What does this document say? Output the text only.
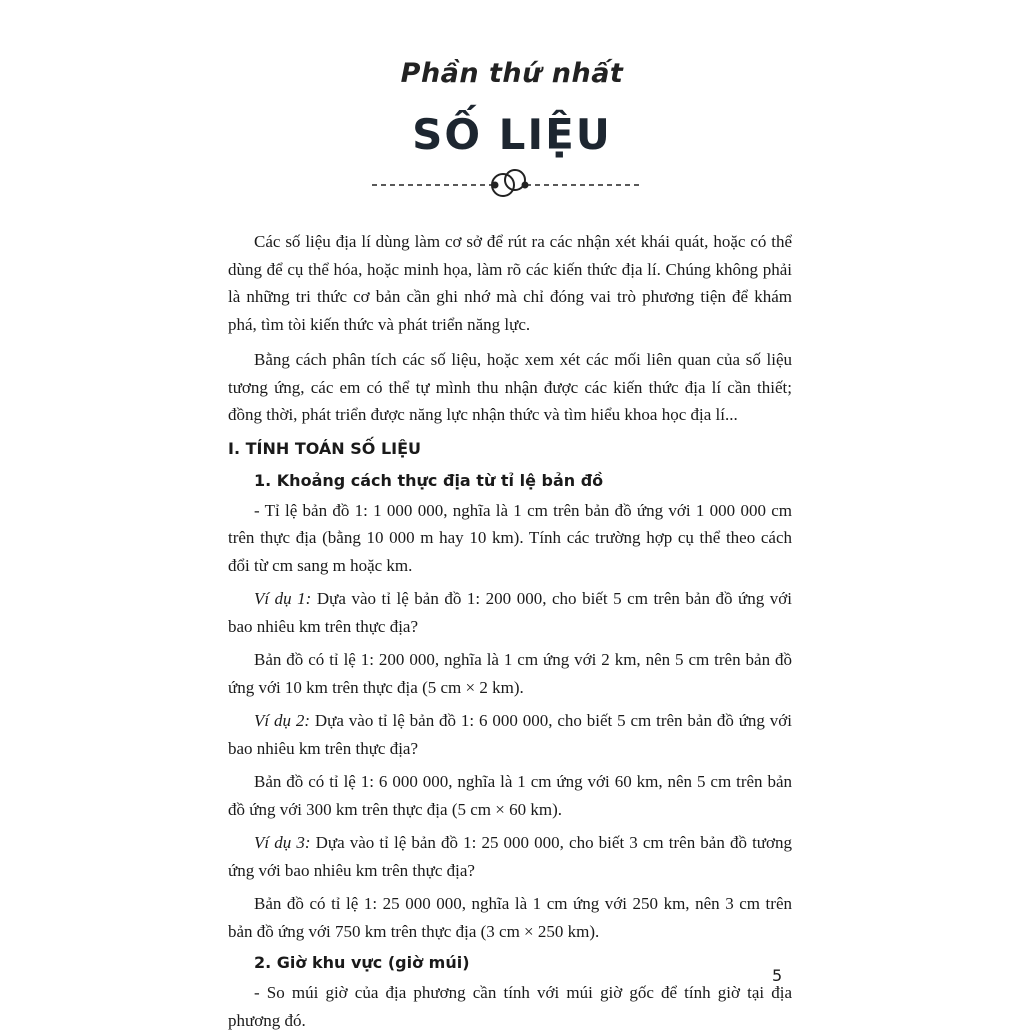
Phần thứ nhất
SỐ LIỆU

Các số liệu địa lí dùng làm cơ sở để rút ra các nhận xét khái quát, hoặc có thể dùng để cụ thể hóa, hoặc minh họa, làm rõ các kiến thức địa lí. Chúng không phải là những tri thức cơ bản cần ghi nhớ mà chỉ đóng vai trò phương tiện để khám phá, tìm tòi kiến thức và phát triển năng lực.

Bằng cách phân tích các số liệu, hoặc xem xét các mối liên quan của số liệu tương ứng, các em có thể tự mình thu nhận được các kiến thức địa lí cần thiết; đồng thời, phát triển được năng lực nhận thức và tìm hiểu khoa học địa lí...

I. TÍNH TOÁN SỐ LIỆU
1. Khoảng cách thực địa từ tỉ lệ bản đồ

- Tỉ lệ bản đồ 1: 1 000 000, nghĩa là 1 cm trên bản đồ ứng với 1 000 000 cm trên thực địa (bằng 10 000 m hay 10 km). Tính các trường hợp cụ thể theo cách đổi từ cm sang m hoặc km.

Ví dụ 1: Dựa vào tỉ lệ bản đồ 1: 200 000, cho biết 5 cm trên bản đồ ứng với bao nhiêu km trên thực địa?

Bản đồ có tỉ lệ 1: 200 000, nghĩa là 1 cm ứng với 2 km, nên 5 cm trên bản đồ ứng với 10 km trên thực địa (5 cm × 2 km).

Ví dụ 2: Dựa vào tỉ lệ bản đồ 1: 6 000 000, cho biết 5 cm trên bản đồ ứng với bao nhiêu km trên thực địa?

Bản đồ có tỉ lệ 1: 6 000 000, nghĩa là 1 cm ứng với 60 km, nên 5 cm trên bản đồ ứng với 300 km trên thực địa (5 cm × 60 km).

Ví dụ 3: Dựa vào tỉ lệ bản đồ 1: 25 000 000, cho biết 3 cm trên bản đồ tương ứng với bao nhiêu km trên thực địa?

Bản đồ có tỉ lệ 1: 25 000 000, nghĩa là 1 cm ứng với 250 km, nên 3 cm trên bản đồ ứng với 750 km trên thực địa (3 cm × 250 km).

2. Giờ khu vực (giờ múi)

- So múi giờ của địa phương cần tính với múi giờ gốc để tính giờ tại địa phương đó.

5
